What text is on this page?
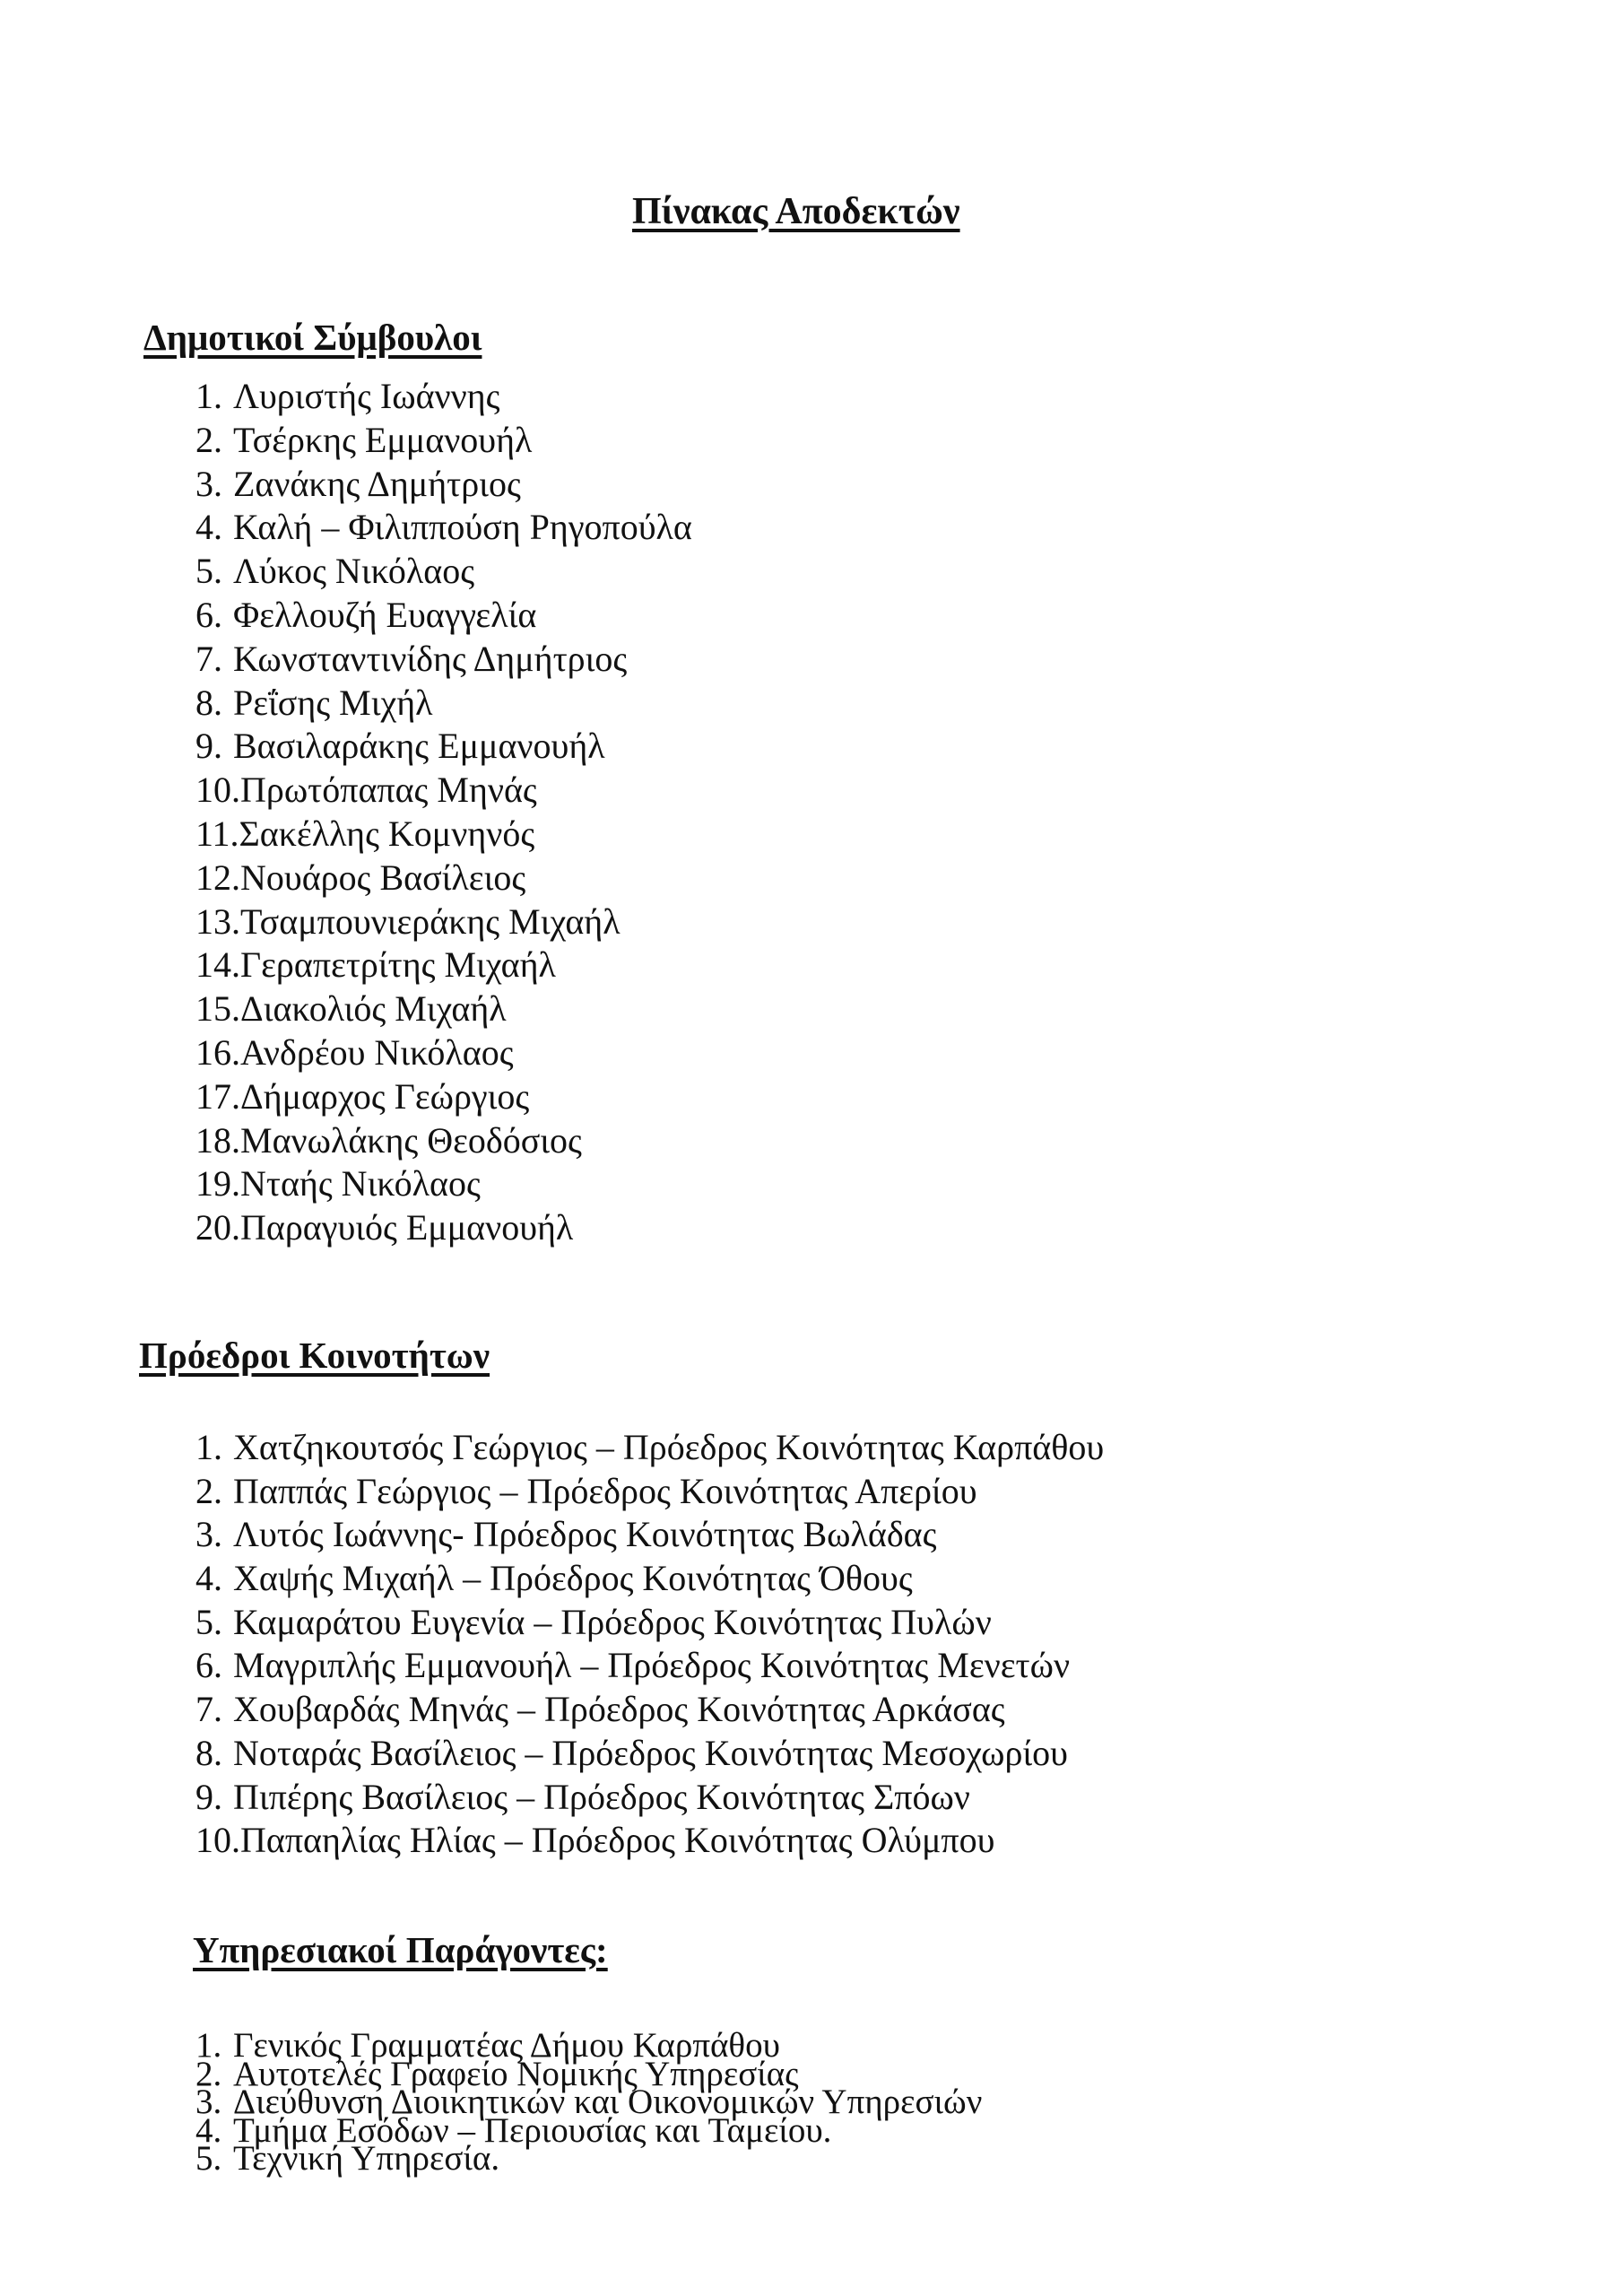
Πίνακας Αποδεκτών
Δημοτικοί Σύμβουλοι
1. Λυριστής Ιωάννης
2. Τσέρκης Εμμανουήλ
3. Ζανάκης Δημήτριος
4. Καλή – Φιλιππούση Ρηγοπούλα
5. Λύκος Νικόλαος
6. Φελλουζή Ευαγγελία
7. Κωνσταντινίδης Δημήτριος
8. Ρεΐσης Μιχήλ
9. Βασιλαράκης Εμμανουήλ
10.Πρωτόπαπας Μηνάς
11.Σακέλλης Κομνηνός
12.Νουάρος Βασίλειος
13.Τσαμπουνιεράκης Μιχαήλ
14.Γεραπετρίτης Μιχαήλ
15.Διακολιός Μιχαήλ
16.Ανδρέου Νικόλαος
17.Δήμαρχος Γεώργιος
18.Μανωλάκης Θεοδόσιος
19.Νταής Νικόλαος
20.Παραγυιός Εμμανουήλ
Πρόεδροι Κοινοτήτων
1. Χατζηκουτσός Γεώργιος – Πρόεδρος Κοινότητας Καρπάθου
2. Παππάς Γεώργιος – Πρόεδρος Κοινότητας Απερίου
3. Λυτός Ιωάννης- Πρόεδρος Κοινότητας Βωλάδας
4. Χαψής Μιχαήλ – Πρόεδρος Κοινότητας Όθους
5. Καμαράτου Ευγενία – Πρόεδρος Κοινότητας Πυλών
6. Μαγριπλής Εμμανουήλ – Πρόεδρος Κοινότητας Μενετών
7. Χουβαρδάς Μηνάς – Πρόεδρος Κοινότητας Αρκάσας
8. Νοταράς Βασίλειος – Πρόεδρος Κοινότητας Μεσοχωρίου
9. Πιπέρης Βασίλειος – Πρόεδρος Κοινότητας Σπόων
10.Παπαηλίας Ηλίας – Πρόεδρος Κοινότητας Ολύμπου
Υπηρεσιακοί Παράγοντες:
1. Γενικός Γραμματέας Δήμου Καρπάθου
2. Αυτοτελές Γραφείο Νομικής Υπηρεσίας
3. Διεύθυνση Διοικητικών και Οικονομικών Υπηρεσιών
4. Τμήμα Εσόδων – Περιουσίας και Ταμείου.
5. Τεχνική Υπηρεσία.
